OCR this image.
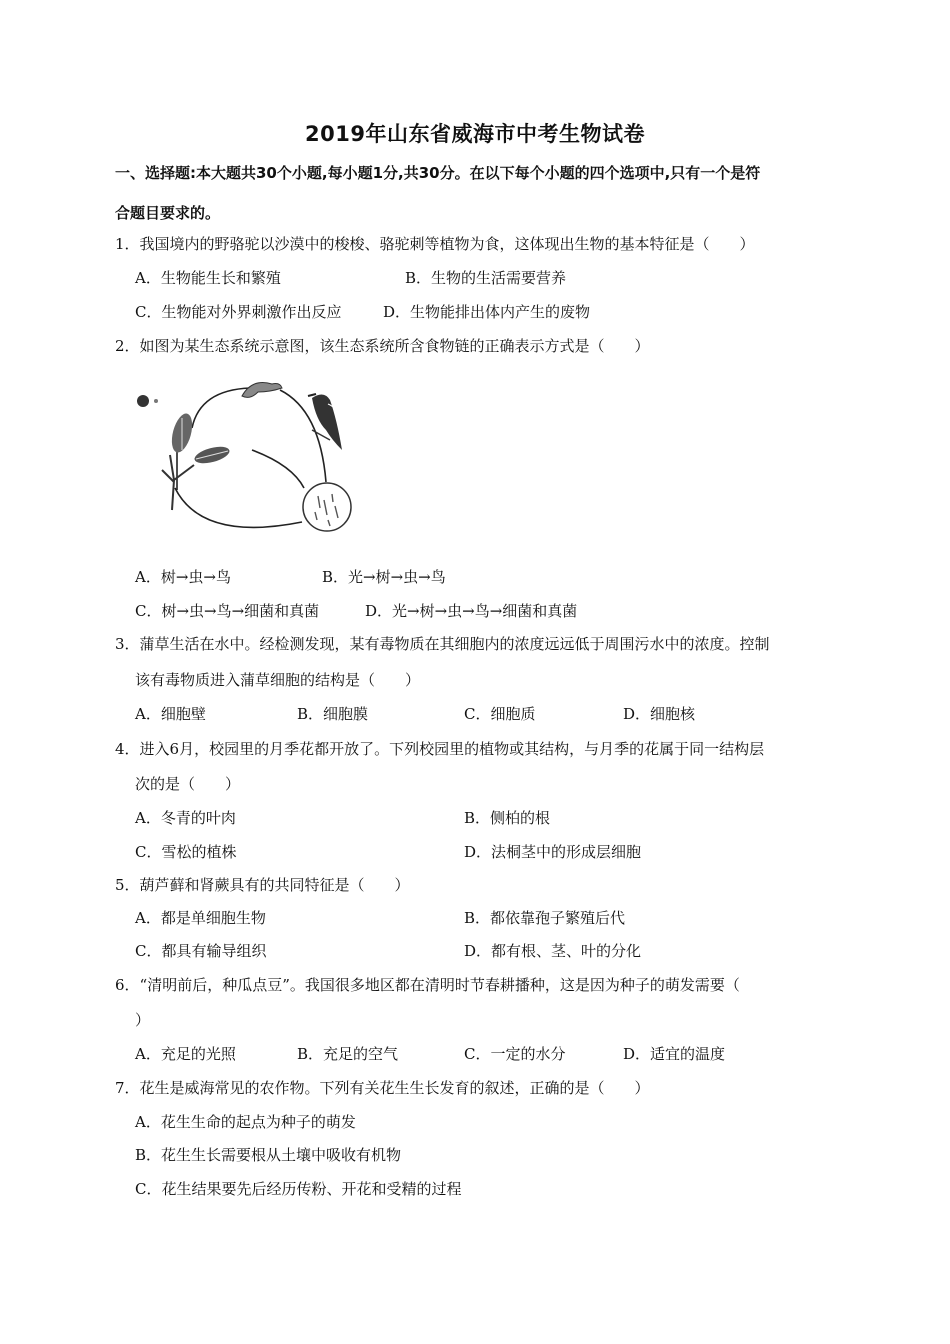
2019年山东省威海市中考生物试卷
一、选择题:本大题共30个小题,每小题1分,共30分。在以下每个小题的四个选项中,只有一个是符
合题目要求的。
1．我国境内的野骆驼以沙漠中的梭梭、骆驼刺等植物为食，这体现出生物的基本特征是（　　）
A．生物能生长和繁殖	B．生物的生活需要营养
C．生物能对外界刺激作出反应	D．生物能排出体内产生的废物
2．如图为某生态系统示意图，该生态系统所含食物链的正确表示方式是（　　）
A．树→虫→鸟	B．光→树→虫→鸟
C．树→虫→鸟→细菌和真菌	D．光→树→虫→鸟→细菌和真菌
3．蒲草生活在水中。经检测发现，某有毒物质在其细胞内的浓度远远低于周围污水中的浓度。控制
该有毒物质进入蒲草细胞的结构是（　　）
A．细胞壁	B．细胞膜	C．细胞质	D．细胞核
4．进入6月，校园里的月季花都开放了。下列校园里的植物或其结构，与月季的花属于同一结构层
次的是（　　）
A．冬青的叶肉	B．侧柏的根
C．雪松的植株	D．法桐茎中的形成层细胞
5．葫芦藓和肾蕨具有的共同特征是（　　）
A．都是单细胞生物	B．都依靠孢子繁殖后代
C．都具有输导组织	D．都有根、茎、叶的分化
6．“清明前后，种瓜点豆”。我国很多地区都在清明时节春耕播种，这是因为种子的萌发需要（
）
A．充足的光照	B．充足的空气	C．一定的水分	D．适宜的温度
7．花生是威海常见的农作物。下列有关花生生长发育的叙述，正确的是（　　）
A．花生生命的起点为种子的萌发
B．花生生长需要根从土壤中吸收有机物
C．花生结果要先后经历传粉、开花和受精的过程
